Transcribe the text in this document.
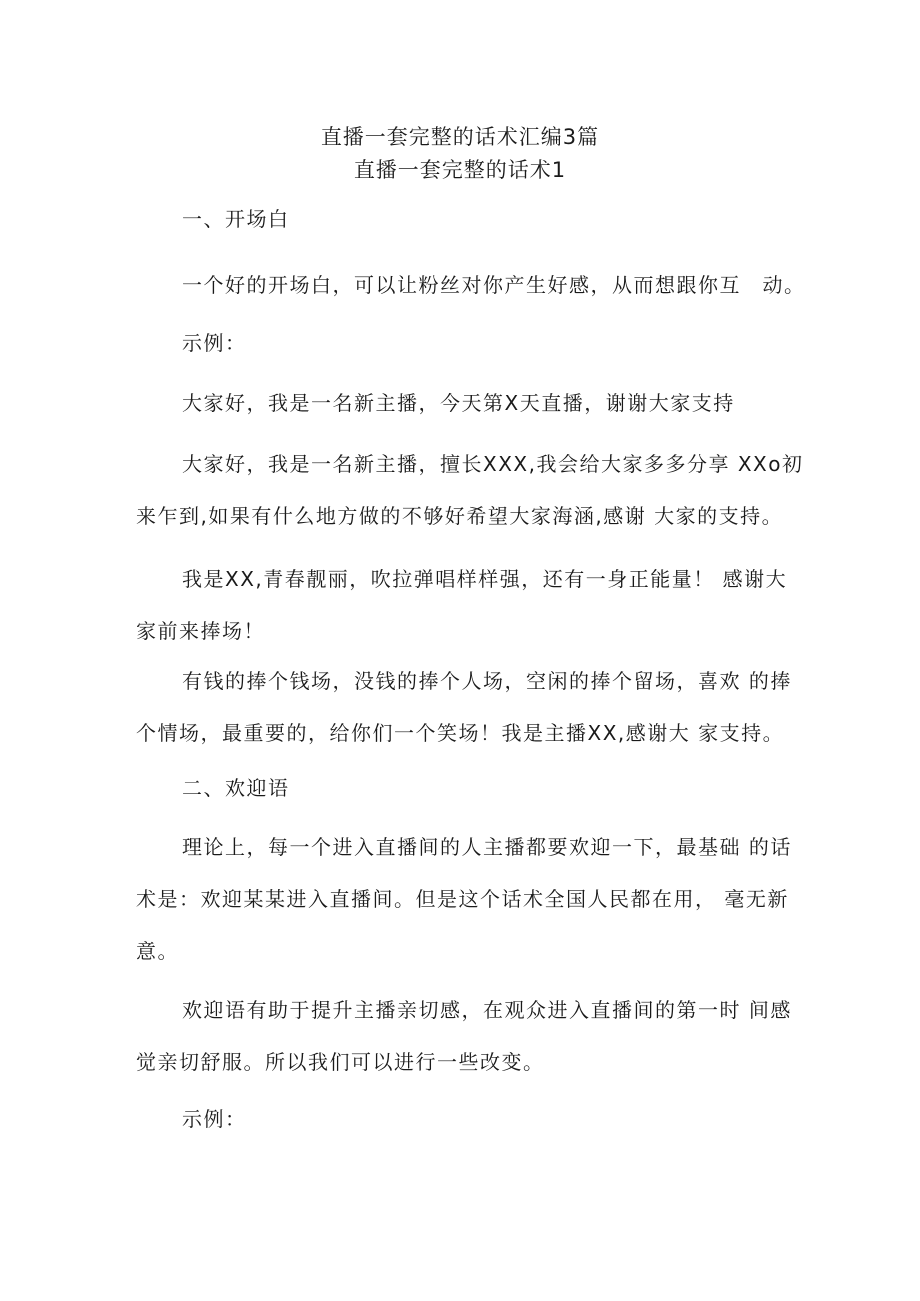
直播一套完整的话术汇编3篇
直播一套完整的话术1
一、开场白
一个好的开场白，可以让粉丝对你产生好感，从而想跟你互　动。
示例：
大家好，我是一名新主播，今天第X天直播，谢谢大家支持
大家好，我是一名新主播，擅长XXX,我会给大家多多分享 XXo初
来乍到,如果有什么地方做的不够好希望大家海涵,感谢 大家的支持。
我是XX,青春靓丽，吹拉弹唱样样强，还有一身正能量！ 感谢大
家前来捧场！
有钱的捧个钱场，没钱的捧个人场，空闲的捧个留场，喜欢 的捧
个情场，最重要的，给你们一个笑场！我是主播XX,感谢大 家支持。
二、欢迎语
理论上，每一个进入直播间的人主播都要欢迎一下，最基础 的话
术是：欢迎某某进入直播间。但是这个话术全国人民都在用， 毫无新
意。
欢迎语有助于提升主播亲切感，在观众进入直播间的第一时 间感
觉亲切舒服。所以我们可以进行一些改变。
示例：
